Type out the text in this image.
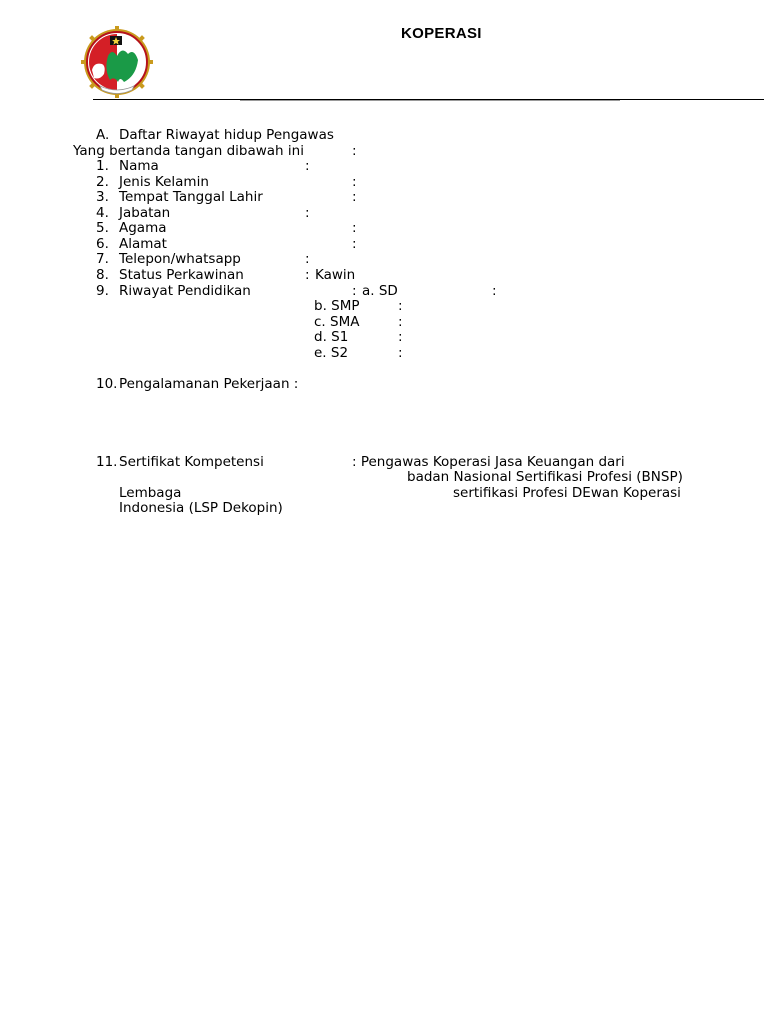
KOPERASI
A. Daftar Riwayat hidup Pengawas
Yang bertanda tangan dibawah ini	:
1. Nama	:
2. Jenis Kelamin	:
3. Tempat Tanggal Lahir	:
4. Jabatan	:
5. Agama	:
6. Alamat	:
7. Telepon/whatsapp	:
8. Status Perkawinan	: Kawin
9. Riwayat Pendidikan	: a. SD	:
b. SMP	:
c. SMA	:
d. S1	:
e. S2	:
10. Pengalamanan Pekerjaan :
11. Sertifikat Kompetensi	: Pengawas Koperasi Jasa Keuangan dari
badan Nasional Sertifikasi Profesi (BNSP)
Lembaga	sertifikasi Profesi DEwan Koperasi
Indonesia (LSP Dekopin)
